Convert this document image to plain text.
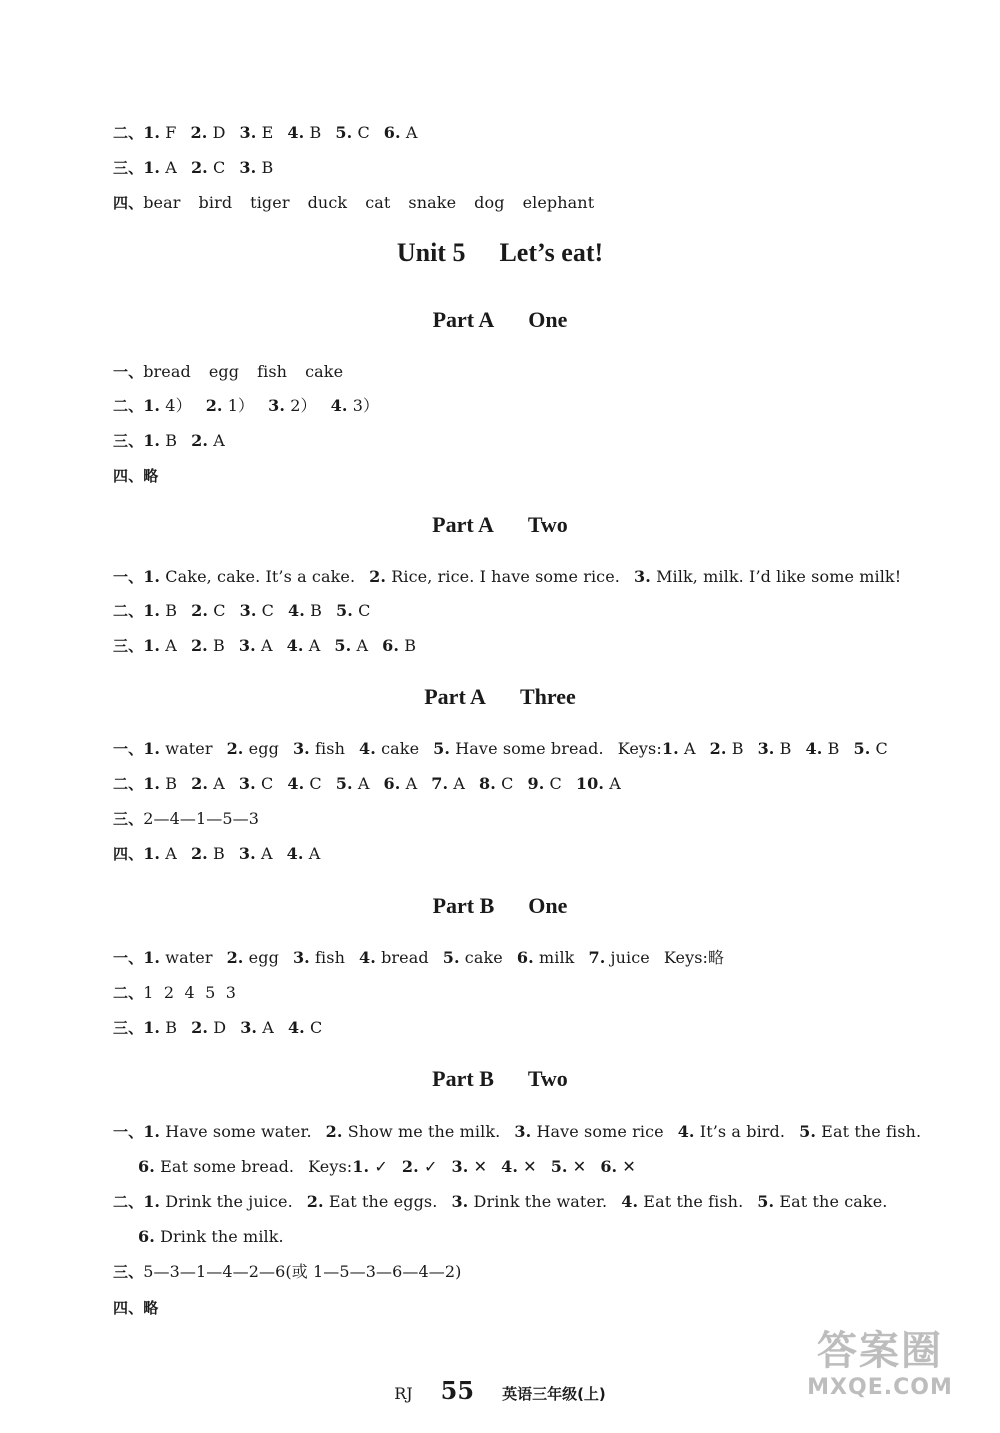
二、1. F 2. D 3. E 4. B 5. C 6. A
三、1. A 2. C 3. B
四、bear bird tiger duck cat snake dog elephant
Unit 5 Let’s eat!
Part A One
一、bread egg fish cake
二、1. 4） 2. 1） 3. 2） 4. 3）
三、1. B 2. A
四、略
Part A Two
一、1. Cake, cake. It’s a cake. 2. Rice, rice. I have some rice. 3. Milk, milk. I’d like some milk!
二、1. B 2. C 3. C 4. B 5. C
三、1. A 2. B 3. A 4. A 5. A 6. B
Part A Three
一、1. water 2. egg 3. fish 4. cake 5. Have some bread. Keys:1. A 2. B 3. B 4. B 5. C
二、1. B 2. A 3. C 4. C 5. A 6. A 7. A 8. C 9. C 10. A
三、2—4—1—5—3
四、1. A 2. B 3. A 4. A
Part B One
一、1. water 2. egg 3. fish 4. bread 5. cake 6. milk 7. juice Keys:略
二、1  2  4  5  3
三、1. B 2. D 3. A 4. C
Part B Two
一、1. Have some water. 2. Show me the milk. 3. Have some rice 4. It’s a bird. 5. Eat the fish.
6. Eat some bread. Keys:1. ✓ 2. ✓ 3. ✕ 4. ✕ 5. ✕ 6. ✕
二、1. Drink the juice. 2. Eat the eggs. 3. Drink the water. 4. Eat the fish. 5. Eat the cake.
6. Drink the milk.
三、5—3—1—4—2—6(或 1—5—3—6—4—2)
四、略
RJ 55 英语三年级(上)
答案圈
MXQE.COM
